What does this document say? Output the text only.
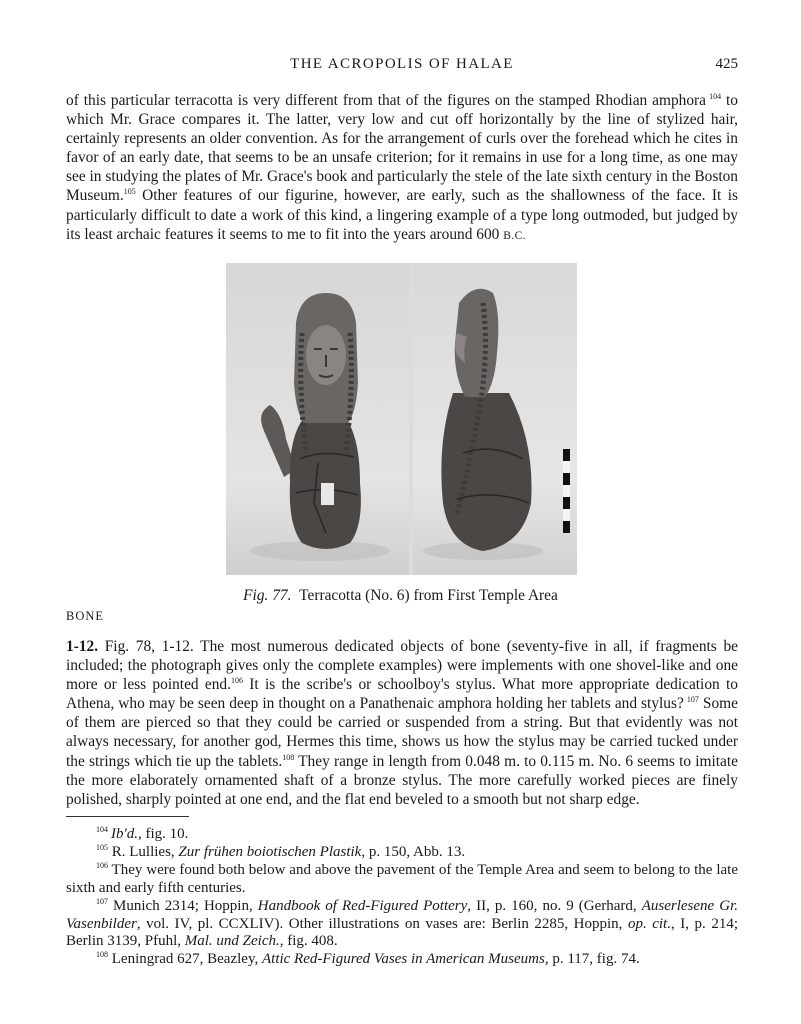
THE ACROPOLIS OF HALAE	425

of this particular terracotta is very different from that of the figures on the stamped Rhodian amphora  $^{104}$ to which Mr. Grace compares it. The latter, very low and cut off horizontally by the line of stylized hair, certainly represents an older convention. As for the arrangement of curls over the forehead which he cites in favor of an early date, that seems to be an unsafe criterion; for it remains in use for a long time, as one may see in studying the plates of Mr. Grace's book and particularly the stele of the late sixth century in the Boston Museum.$^{105}$ Other features of our figurine, however, are early, such as the shallowness of the face. It is particularly difficult to date a work of this kind, a lingering example of a type long outmoded, but judged by its least archaic features it seems to me to fit into the years around 600 B.C.

Fig. 77. Terracotta (No. 6) from First Temple Area
BONE

1-12. Fig. 78, 1-12. The most numerous dedicated objects of bone (seventy-five in all, if fragments be included; the photograph gives only the complete examples) were implements with one shovel-like and one more or less pointed end.$^{106}$ It is the scribe's or schoolboy's stylus. What more appropriate dedication to Athena, who may be seen deep in thought on a Panathenaic amphora holding her tablets and stylus?  $^{107}$ Some of them are pierced so that they could be carried or suspended from a string. But that evidently was not always necessary, for another god, Hermes this time, shows us how the stylus may be carried tucked under the strings which tie up the tablets.$^{108}$ They range in length from 0.048 m. to 0.115 m. No. 6 seems to imitate the more elaborately ornamented shaft of a bronze stylus. The more carefully worked pieces are finely polished, sharply pointed at one end, and the flat end beveled to a smooth but not sharp edge.

$^{104}$  Ib'd., fig. 10.

$^{105}$ R. Lullies, Zur frühen boiotischen Plastik, p. 150, Abb. 13.

$^{106}$ They were found both below and above the pavement of the Temple Area and seem to belong to the late sixth and early fifth centuries.

$^{107}$ Munich 2314; Hoppin, Handbook of Red-Figured Pottery, II, p. 160, no. 9 (Gerhard, Auserlesene Gr. Vasenbilder, vol. IV, pl. CCXLIV). Other illustrations on vases are: Berlin 2285, Hoppin, op. cit., I, p. 214; Berlin 3139, Pfuhl, Mal. und Zeich., fig. 408.

$^{108}$ Leningrad 627, Beazley, Attic Red-Figured Vases in American Museums, p. 117, fig. 74.
